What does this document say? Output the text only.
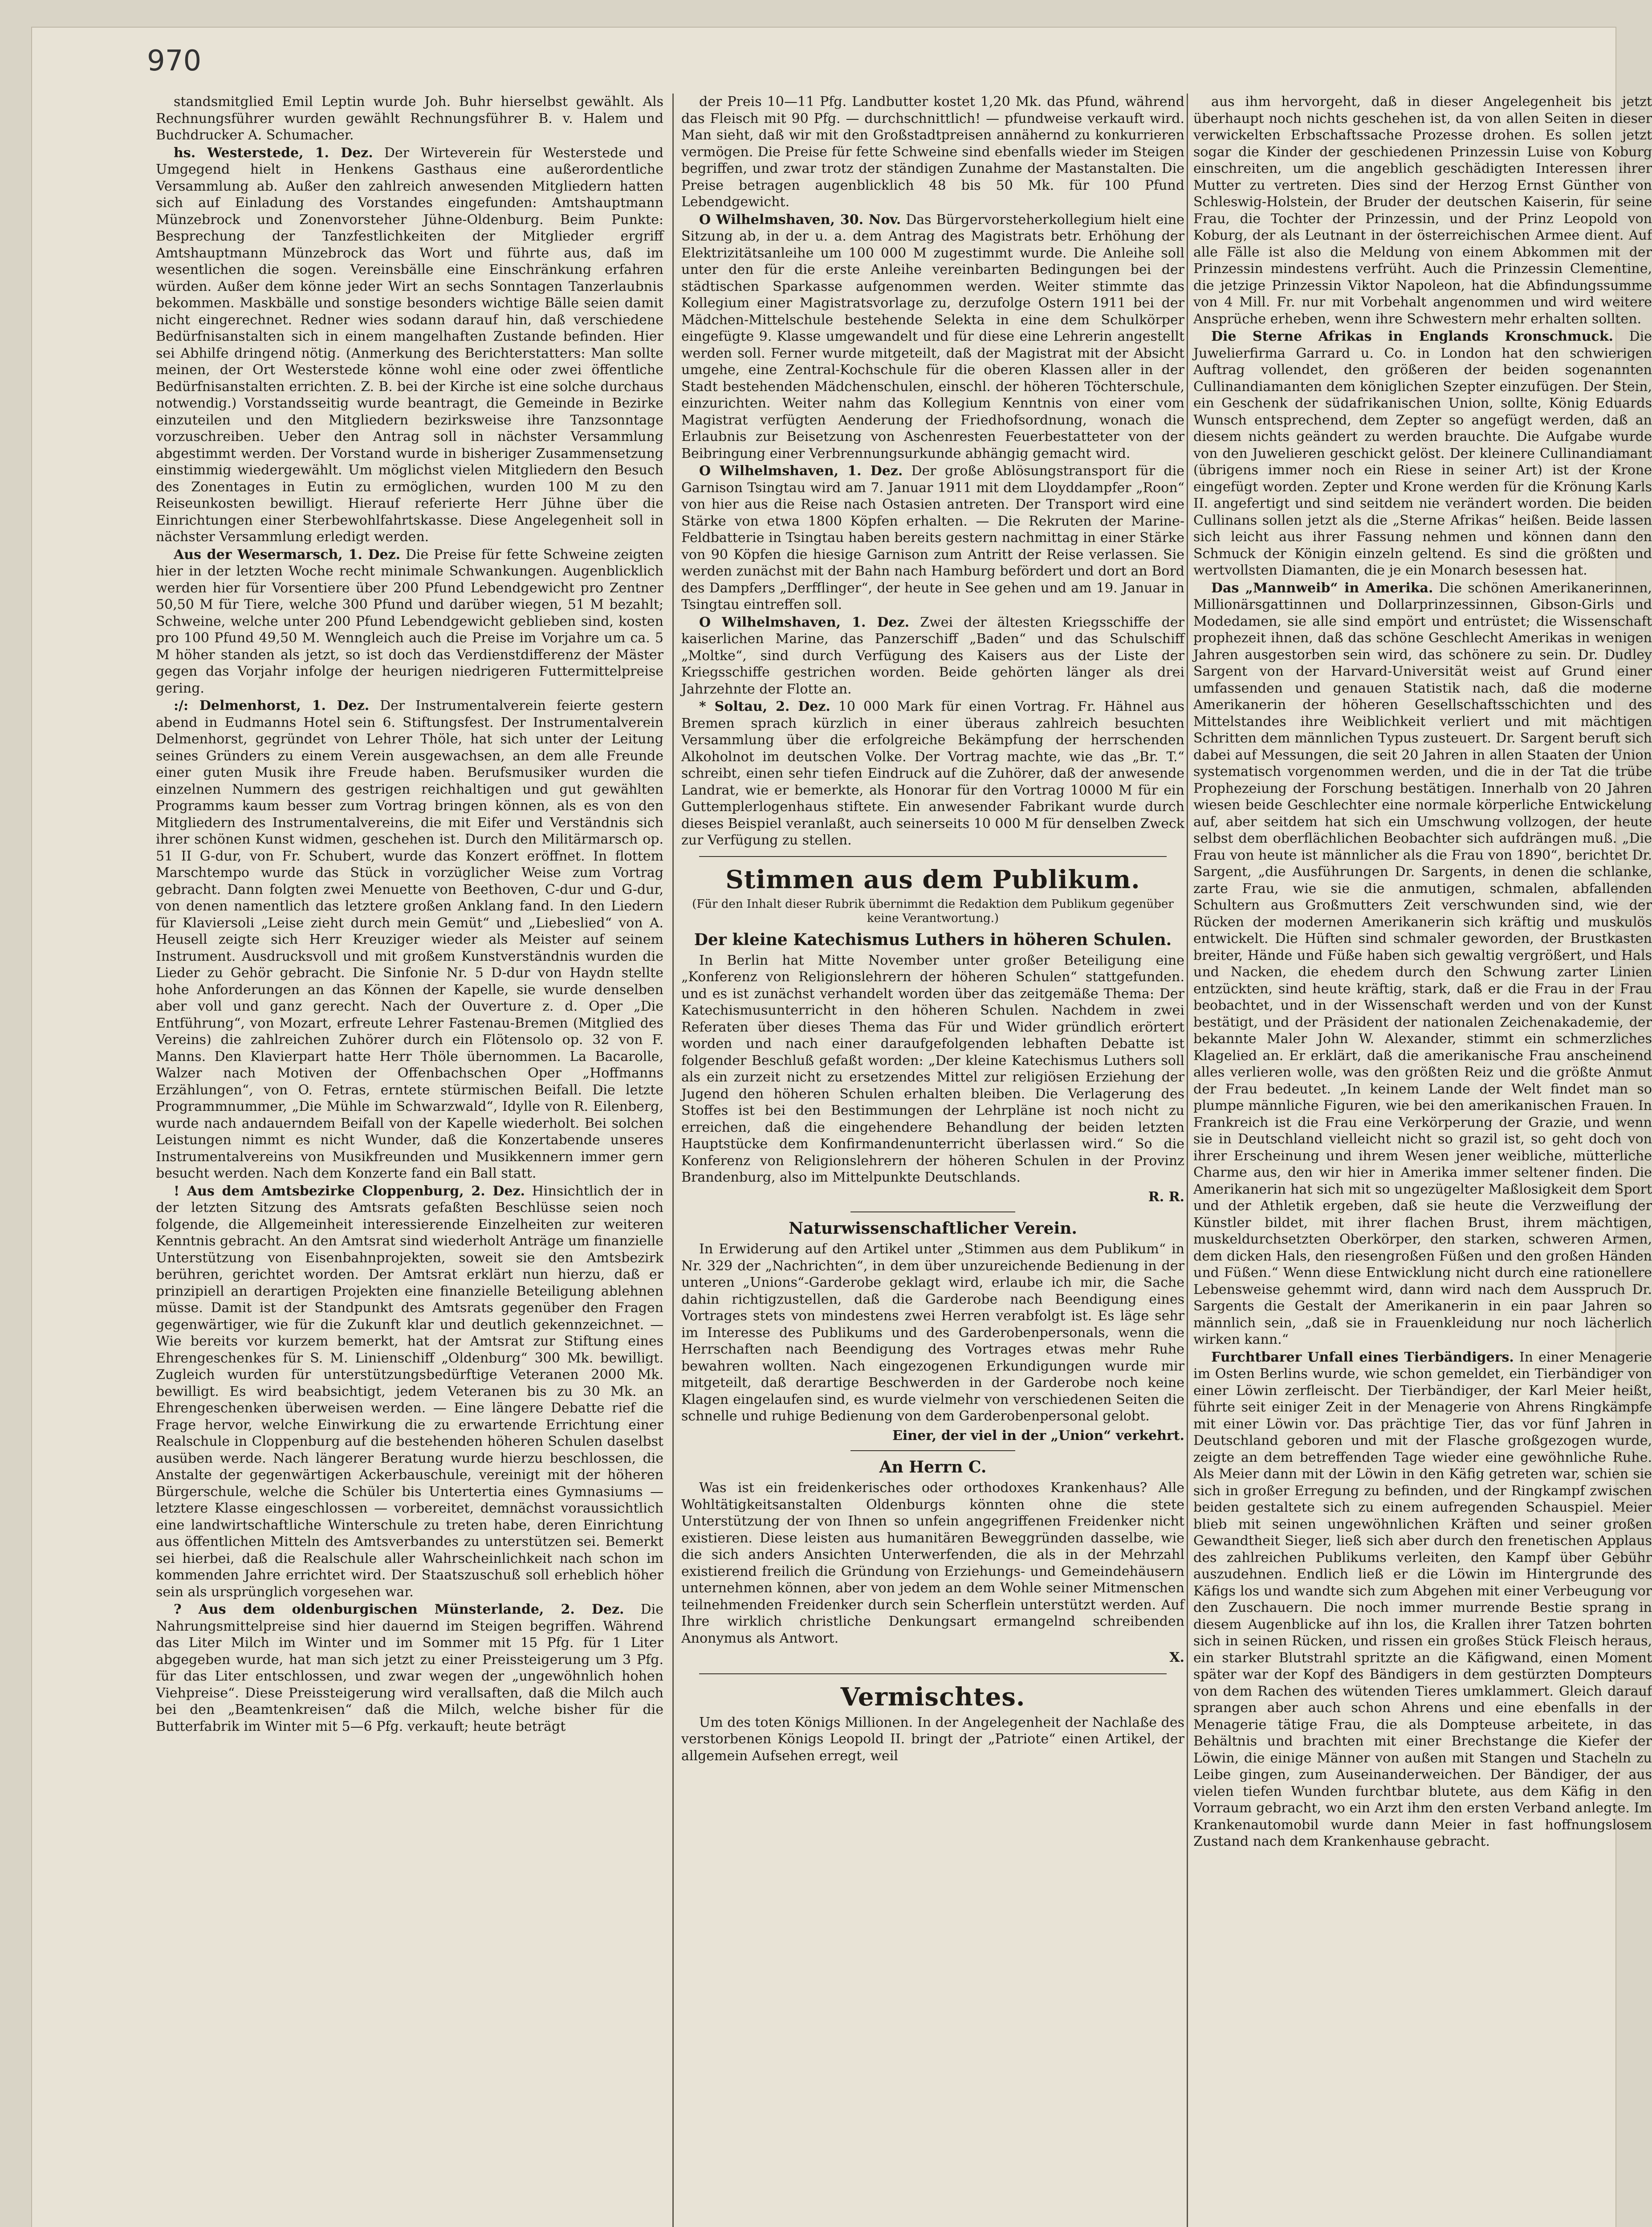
970

standsmitglied Emil Leptin wurde Joh. Buhr hierselbst gewählt. Als Rechnungsführer wurden gewählt Rechnungsführer B. v. Halem und Buchdrucker A. Schumacher.

hs. Westerstede, 1. Dez. Der Wirteverein für Westerstede und Umgegend hielt in Henkens Gasthaus eine außerordentliche Versammlung ab. Außer den zahlreich anwesenden Mitgliedern hatten sich auf Einladung des Vorstandes eingefunden: Amtshauptmann Münzebrock und Zonenvorsteher Jühne-Oldenburg. Beim Punkte: Besprechung der Tanzfestlichkeiten der Mitglieder ergriff Amtshauptmann Münzebrock das Wort und führte aus, daß im wesentlichen die sogen. Vereinsbälle eine Einschränkung erfahren würden. Außer dem könne jeder Wirt an sechs Sonntagen Tanzerlaubnis bekommen. Maskbälle und sonstige besonders wichtige Bälle seien damit nicht eingerechnet. Redner wies sodann darauf hin, daß verschiedene Bedürfnisanstalten sich in einem mangelhaften Zustande befinden. Hier sei Abhilfe dringend nötig. (Anmerkung des Berichterstatters: Man sollte meinen, der Ort Westerstede könne wohl eine oder zwei öffentliche Bedürfnisanstalten errichten. Z. B. bei der Kirche ist eine solche durchaus notwendig.) Vorstandsseitig wurde beantragt, die Gemeinde in Bezirke einzuteilen und den Mitgliedern bezirksweise ihre Tanzsonntage vorzuschreiben. Ueber den Antrag soll in nächster Versammlung abgestimmt werden. Der Vorstand wurde in bisheriger Zusammensetzung einstimmig wiedergewählt. Um möglichst vielen Mitgliedern den Besuch des Zonentages in Eutin zu ermöglichen, wurden 100 M zu den Reiseunkosten bewilligt. Hierauf referierte Herr Jühne über die Einrichtungen einer Sterbewohlfahrtskasse. Diese Angelegenheit soll in nächster Versammlung erledigt werden.

Aus der Wesermarsch, 1. Dez. Die Preise für fette Schweine zeigten hier in der letzten Woche recht minimale Schwankungen. Augenblicklich werden hier für Vorsentiere über 200 Pfund Lebendgewicht pro Zentner 50,50 M für Tiere, welche 300 Pfund und darüber wiegen, 51 M bezahlt; Schweine, welche unter 200 Pfund Lebendgewicht geblieben sind, kosten pro 100 Pfund 49,50 M. Wenngleich auch die Preise im Vorjahre um ca. 5 M höher standen als jetzt, so ist doch das Verdienstdifferenz der Mäster gegen das Vorjahr infolge der heurigen niedrigeren Futtermittelpreise gering.

:/: Delmenhorst, 1. Dez. Der Instrumentalverein feierte gestern abend in Eudmanns Hotel sein 6. Stiftungsfest. Der Instrumentalverein Delmenhorst, gegründet von Lehrer Thöle, hat sich unter der Leitung seines Gründers zu einem Verein ausgewachsen, an dem alle Freunde einer guten Musik ihre Freude haben. Berufsmusiker wurden die einzelnen Nummern des gestrigen reichhaltigen und gut gewählten Programms kaum besser zum Vortrag bringen können, als es von den Mitgliedern des Instrumentalvereins, die mit Eifer und Verständnis sich ihrer schönen Kunst widmen, geschehen ist. Durch den Militärmarsch op. 51 II G-dur, von Fr. Schubert, wurde das Konzert eröffnet. In flottem Marschtempo wurde das Stück in vorzüglicher Weise zum Vortrag gebracht. Dann folgten zwei Menuette von Beethoven, C-dur und G-dur, von denen namentlich das letztere großen Anklang fand. In den Liedern für Klaviersoli „Leise zieht durch mein Gemüt“ und „Liebeslied“ von A. Heusell zeigte sich Herr Kreuziger wieder als Meister auf seinem Instrument. Ausdrucksvoll und mit großem Kunstverständnis wurden die Lieder zu Gehör gebracht. Die Sinfonie Nr. 5 D-dur von Haydn stellte hohe Anforderungen an das Können der Kapelle, sie wurde denselben aber voll und ganz gerecht. Nach der Ouverture z. d. Oper „Die Entführung“, von Mozart, erfreute Lehrer Fastenau-Bremen (Mitglied des Vereins) die zahlreichen Zuhörer durch ein Flötensolo op. 32 von F. Manns. Den Klavierpart hatte Herr Thöle übernommen. La Bacarolle, Walzer nach Motiven der Offenbachschen Oper „Hoffmanns Erzählungen“, von O. Fetras, erntete stürmischen Beifall. Die letzte Programmnummer, „Die Mühle im Schwarzwald“, Idylle von R. Eilenberg, wurde nach andauerndem Beifall von der Kapelle wiederholt. Bei solchen Leistungen nimmt es nicht Wunder, daß die Konzertabende unseres Instrumentalvereins von Musikfreunden und Musikkennern immer gern besucht werden. Nach dem Konzerte fand ein Ball statt.

! Aus dem Amtsbezirke Cloppenburg, 2. Dez. Hinsichtlich der in der letzten Sitzung des Amtsrats gefaßten Beschlüsse seien noch folgende, die Allgemeinheit interessierende Einzelheiten zur weiteren Kenntnis gebracht. An den Amtsrat sind wiederholt Anträge um finanzielle Unterstützung von Eisenbahnprojekten, soweit sie den Amtsbezirk berühren, gerichtet worden. Der Amtsrat erklärt nun hierzu, daß er prinzipiell an derartigen Projekten eine finanzielle Beteiligung ablehnen müsse. Damit ist der Standpunkt des Amtsrats gegenüber den Fragen gegenwärtiger, wie für die Zukunft klar und deutlich gekennzeichnet. — Wie bereits vor kurzem bemerkt, hat der Amtsrat zur Stiftung eines Ehrengeschenkes für S. M. Linienschiff „Oldenburg“ 300 Mk. bewilligt. Zugleich wurden für unterstützungsbedürftige Veteranen 2000 Mk. bewilligt. Es wird beabsichtigt, jedem Veteranen bis zu 30 Mk. an Ehrengeschenken überweisen werden. — Eine längere Debatte rief die Frage hervor, welche Einwirkung die zu erwartende Errichtung einer Realschule in Cloppenburg auf die bestehenden höheren Schulen daselbst ausüben werde. Nach längerer Beratung wurde hierzu beschlossen, die Anstalte der gegenwärtigen Ackerbauschule, vereinigt mit der höheren Bürgerschule, welche die Schüler bis Untertertia eines Gymnasiums — letztere Klasse eingeschlossen — vorbereitet, demnächst voraussichtlich eine landwirtschaftliche Winterschule zu treten habe, deren Einrichtung aus öffentlichen Mitteln des Amtsverbandes zu unterstützen sei. Bemerkt sei hierbei, daß die Realschule aller Wahrscheinlichkeit nach schon im kommenden Jahre errichtet wird. Der Staatszuschuß soll erheblich höher sein als ursprünglich vorgesehen war.

? Aus dem oldenburgischen Münsterlande, 2. Dez. Die Nahrungsmittelpreise sind hier dauernd im Steigen begriffen. Während das Liter Milch im Winter und im Sommer mit 15 Pfg. für 1 Liter abgegeben wurde, hat man sich jetzt zu einer Preissteigerung um 3 Pfg. für das Liter entschlossen, und zwar wegen der „ungewöhnlich hohen Viehpreise“. Diese Preissteigerung wird verallsaften, daß die Milch auch bei den „Beamtenkreisen“ daß die Milch, welche bisher für die Butterfabrik im Winter mit 5—6 Pfg. verkauft; heute beträgt

der Preis 10—11 Pfg. Landbutter kostet 1,20 Mk. das Pfund, während das Fleisch mit 90 Pfg. — durchschnittlich! — pfundweise verkauft wird. Man sieht, daß wir mit den Großstadtpreisen annähernd zu konkurrieren vermögen. Die Preise für fette Schweine sind ebenfalls wieder im Steigen begriffen, und zwar trotz der ständigen Zunahme der Mastanstalten. Die Preise betragen augenblicklich 48 bis 50 Mk. für 100 Pfund Lebendgewicht.

O Wilhelmshaven, 30. Nov. Das Bürgervorsteherkollegium hielt eine Sitzung ab, in der u. a. dem Antrag des Magistrats betr. Erhöhung der Elektrizitätsanleihe um 100 000 M zugestimmt wurde. Die Anleihe soll unter den für die erste Anleihe vereinbarten Bedingungen bei der städtischen Sparkasse aufgenommen werden. Weiter stimmte das Kollegium einer Magistratsvorlage zu, derzufolge Ostern 1911 bei der Mädchen-Mittelschule bestehende Selekta in eine dem Schulkörper eingefügte 9. Klasse umgewandelt und für diese eine Lehrerin angestellt werden soll. Ferner wurde mitgeteilt, daß der Magistrat mit der Absicht umgehe, eine Zentral-Kochschule für die oberen Klassen aller in der Stadt bestehenden Mädchenschulen, einschl. der höheren Töchterschule, einzurichten. Weiter nahm das Kollegium Kenntnis von einer vom Magistrat verfügten Aenderung der Friedhofsordnung, wonach die Erlaubnis zur Beisetzung von Aschenresten Feuerbestatteter von der Beibringung einer Verbrennungsurkunde abhängig gemacht wird.

O Wilhelmshaven, 1. Dez. Der große Ablösungstransport für die Garnison Tsingtau wird am 7. Januar 1911 mit dem Lloyddampfer „Roon“ von hier aus die Reise nach Ostasien antreten. Der Transport wird eine Stärke von etwa 1800 Köpfen erhalten. — Die Rekruten der Marine-Feldbatterie in Tsingtau haben bereits gestern nachmittag in einer Stärke von 90 Köpfen die hiesige Garnison zum Antritt der Reise verlassen. Sie werden zunächst mit der Bahn nach Hamburg befördert und dort an Bord des Dampfers „Derfflinger“, der heute in See gehen und am 19. Januar in Tsingtau eintreffen soll.

O Wilhelmshaven, 1. Dez. Zwei der ältesten Kriegsschiffe der kaiserlichen Marine, das Panzerschiff „Baden“ und das Schulschiff „Moltke“, sind durch Verfügung des Kaisers aus der Liste der Kriegsschiffe gestrichen worden. Beide gehörten länger als drei Jahrzehnte der Flotte an.

* Soltau, 2. Dez. 10 000 Mark für einen Vortrag. Fr. Hähnel aus Bremen sprach kürzlich in einer überaus zahlreich besuchten Versammlung über die erfolgreiche Bekämpfung der herrschenden Alkoholnot im deutschen Volke. Der Vortrag machte, wie das „Br. T.“ schreibt, einen sehr tiefen Eindruck auf die Zuhörer, daß der anwesende Landrat, wie er bemerkte, als Honorar für den Vortrag 10000 M für ein Guttemplerlogenhaus stiftete. Ein anwesender Fabrikant wurde durch dieses Beispiel veranlaßt, auch seinerseits 10 000 M für denselben Zweck zur Verfügung zu stellen.

Stimmen aus dem Publikum.
(Für den Inhalt dieser Rubrik übernimmt die Redaktion dem Publikum gegenüber keine Verantwortung.)
Der kleine Katechismus Luthers in höheren Schulen.

In Berlin hat Mitte November unter großer Beteiligung eine „Konferenz von Religionslehrern der höheren Schulen“ stattgefunden. und es ist zunächst verhandelt worden über das zeitgemäße Thema: Der Katechismusunterricht in den höheren Schulen. Nachdem in zwei Referaten über dieses Thema das Für und Wider gründlich erörtert worden und nach einer daraufgefolgenden lebhaften Debatte ist folgender Beschluß gefaßt worden: „Der kleine Katechismus Luthers soll als ein zurzeit nicht zu ersetzendes Mittel zur religiösen Erziehung der Jugend den höheren Schulen erhalten bleiben. Die Verlagerung des Stoffes ist bei den Bestimmungen der Lehrpläne ist noch nicht zu erreichen, daß die eingehendere Behandlung der beiden letzten Hauptstücke dem Konfirmandenunterricht überlassen wird.“ So die Konferenz von Religionslehrern der höheren Schulen in der Provinz Brandenburg, also im Mittelpunkte Deutschlands.

R. R.
Naturwissenschaftlicher Verein.

In Erwiderung auf den Artikel unter „Stimmen aus dem Publikum“ in Nr. 329 der „Nachrichten“, in dem über unzureichende Bedienung in der unteren „Unions“-Garderobe geklagt wird, erlaube ich mir, die Sache dahin richtigzustellen, daß die Garderobe nach Beendigung eines Vortrages stets von mindestens zwei Herren verabfolgt ist. Es läge sehr im Interesse des Publikums und des Garderobenpersonals, wenn die Herrschaften nach Beendigung des Vortrages etwas mehr Ruhe bewahren wollten. Nach eingezogenen Erkundigungen wurde mir mitgeteilt, daß derartige Beschwerden in der Garderobe noch keine Klagen eingelaufen sind, es wurde vielmehr von verschiedenen Seiten die schnelle und ruhige Bedienung von dem Garderobenpersonal gelobt.

Einer, der viel in der „Union“ verkehrt.
An Herrn C.

Was ist ein freidenkerisches oder orthodoxes Krankenhaus? Alle Wohltätigkeitsanstalten Oldenburgs könnten ohne die stete Unterstützung der von Ihnen so unfein angegriffenen Freidenker nicht existieren. Diese leisten aus humanitären Beweggründen dasselbe, wie die sich anders Ansichten Unterwerfenden, die als in der Mehrzahl existierend freilich die Gründung von Erziehungs- und Gemeindehäusern unternehmen können, aber von jedem an dem Wohle seiner Mitmenschen teilnehmenden Freidenker durch sein Scherflein unterstützt werden. Auf Ihre wirklich christliche Denkungsart ermangelnd schreibenden Anonymus als Antwort.

X.
Vermischtes.

Um des toten Königs Millionen. In der Angelegenheit der Nachlaße des verstorbenen Königs Leopold II. bringt der „Patriote“ einen Artikel, der allgemein Aufsehen erregt, weil

aus ihm hervorgeht, daß in dieser Angelegenheit bis jetzt überhaupt noch nichts geschehen ist, da von allen Seiten in dieser verwickelten Erbschaftssache Prozesse drohen. Es sollen jetzt sogar die Kinder der geschiedenen Prinzessin Luise von Koburg einschreiten, um die angeblich geschädigten Interessen ihrer Mutter zu vertreten. Dies sind der Herzog Ernst Günther von Schleswig-Holstein, der Bruder der deutschen Kaiserin, für seine Frau, die Tochter der Prinzessin, und der Prinz Leopold von Koburg, der als Leutnant in der österreichischen Armee dient. Auf alle Fälle ist also die Meldung von einem Abkommen mit der Prinzessin mindestens verfrüht. Auch die Prinzessin Clementine, die jetzige Prinzessin Viktor Napoleon, hat die Abfindungssumme von 4 Mill. Fr. nur mit Vorbehalt angenommen und wird weitere Ansprüche erheben, wenn ihre Schwestern mehr erhalten sollten.

Die Sterne Afrikas in Englands Kronschmuck. Die Juwelierfirma Garrard u. Co. in London hat den schwierigen Auftrag vollendet, den größeren der beiden sogenannten Cullinandiamanten dem königlichen Szepter einzufügen. Der Stein, ein Geschenk der südafrikanischen Union, sollte, König Eduards Wunsch entsprechend, dem Zepter so angefügt werden, daß an diesem nichts geändert zu werden brauchte. Die Aufgabe wurde von den Juwelieren geschickt gelöst. Der kleinere Cullinandiamant (übrigens immer noch ein Riese in seiner Art) ist der Krone eingefügt worden. Zepter und Krone werden für die Krönung Karls II. angefertigt und sind seitdem nie verändert worden. Die beiden Cullinans sollen jetzt als die „Sterne Afrikas“ heißen. Beide lassen sich leicht aus ihrer Fassung nehmen und können dann den Schmuck der Königin einzeln geltend. Es sind die größten und wertvollsten Diamanten, die je ein Monarch besessen hat.

Das „Mannweib“ in Amerika. Die schönen Amerikanerinnen, Millionärsgattinnen und Dollarprinzessinnen, Gibson-Girls und Modedamen, sie alle sind empört und entrüstet; die Wissenschaft prophezeit ihnen, daß das schöne Geschlecht Amerikas in wenigen Jahren ausgestorben sein wird, das schönere zu sein. Dr. Dudley Sargent von der Harvard-Universität weist auf Grund einer umfassenden und genauen Statistik nach, daß die moderne Amerikanerin der höheren Gesellschaftsschichten und des Mittelstandes ihre Weiblichkeit verliert und mit mächtigen Schritten dem männlichen Typus zusteuert. Dr. Sargent beruft sich dabei auf Messungen, die seit 20 Jahren in allen Staaten der Union systematisch vorgenommen werden, und die in der Tat die trübe Prophezeiung der Forschung bestätigen. Innerhalb von 20 Jahren wiesen beide Geschlechter eine normale körperliche Entwickelung auf, aber seitdem hat sich ein Umschwung vollzogen, der heute selbst dem oberflächlichen Beobachter sich aufdrängen muß. „Die Frau von heute ist männlicher als die Frau von 1890“, berichtet Dr. Sargent, „die Ausführungen Dr. Sargents, in denen die schlanke, zarte Frau, wie sie die anmutigen, schmalen, abfallenden Schultern aus Großmutters Zeit verschwunden sind, wie der Rücken der modernen Amerikanerin sich kräftig und muskulös entwickelt. Die Hüften sind schmaler geworden, der Brustkasten breiter, Hände und Füße haben sich gewaltig vergrößert, und Hals und Nacken, die ehedem durch den Schwung zarter Linien entzückten, sind heute kräftig, stark, daß er die Frau in der Frau beobachtet, und in der Wissenschaft werden und von der Kunst bestätigt, und der Präsident der nationalen Zeichenakademie, der bekannte Maler John W. Alexander, stimmt ein schmerzliches Klagelied an. Er erklärt, daß die amerikanische Frau anscheinend alles verlieren wolle, was den größten Reiz und die größte Anmut der Frau bedeutet. „In keinem Lande der Welt findet man so plumpe männliche Figuren, wie bei den amerikanischen Frauen. In Frankreich ist die Frau eine Verkörperung der Grazie, und wenn sie in Deutschland vielleicht nicht so grazil ist, so geht doch von ihrer Erscheinung und ihrem Wesen jener weibliche, mütterliche Charme aus, den wir hier in Amerika immer seltener finden. Die Amerikanerin hat sich mit so ungezügelter Maßlosigkeit dem Sport und der Athletik ergeben, daß sie heute die Verzweiflung der Künstler bildet, mit ihrer flachen Brust, ihrem mächtigen, muskeldurchsetzten Oberkörper, den starken, schweren Armen, dem dicken Hals, den riesengroßen Füßen und den großen Händen und Füßen.“ Wenn diese Entwicklung nicht durch eine rationellere Lebensweise gehemmt wird, dann wird nach dem Ausspruch Dr. Sargents die Gestalt der Amerikanerin in ein paar Jahren so männlich sein, „daß sie in Frauenkleidung nur noch lächerlich wirken kann.“

Furchtbarer Unfall eines Tierbändigers. In einer Menagerie im Osten Berlins wurde, wie schon gemeldet, ein Tierbändiger von einer Löwin zerfleischt. Der Tierbändiger, der Karl Meier heißt, führte seit einiger Zeit in der Menagerie von Ahrens Ringkämpfe mit einer Löwin vor. Das prächtige Tier, das vor fünf Jahren in Deutschland geboren und mit der Flasche großgezogen wurde, zeigte an dem betreffenden Tage wieder eine gewöhnliche Ruhe. Als Meier dann mit der Löwin in den Käfig getreten war, schien sie sich in großer Erregung zu befinden, und der Ringkampf zwischen beiden gestaltete sich zu einem aufregenden Schauspiel. Meier blieb mit seinen ungewöhnlichen Kräften und seiner großen Gewandtheit Sieger, ließ sich aber durch den frenetischen Applaus des zahlreichen Publikums verleiten, den Kampf über Gebühr auszudehnen. Endlich ließ er die Löwin im Hintergrunde des Käfigs los und wandte sich zum Abgehen mit einer Verbeugung vor den Zuschauern. Die noch immer murrende Bestie sprang in diesem Augenblicke auf ihn los, die Krallen ihrer Tatzen bohrten sich in seinen Rücken, und rissen ein großes Stück Fleisch heraus, ein starker Blutstrahl spritzte an die Käfigwand, einen Moment später war der Kopf des Bändigers in dem gestürzten Dompteurs von dem Rachen des wütenden Tieres umklammert. Gleich darauf sprangen aber auch schon Ahrens und eine ebenfalls in der Menagerie tätige Frau, die als Dompteuse arbeitete, in das Behältnis und brachten mit einer Brechstange die Kiefer der Löwin, die einige Männer von außen mit Stangen und Stacheln zu Leibe gingen, zum Auseinanderweichen. Der Bändiger, der aus vielen tiefen Wunden furchtbar blutete, aus dem Käfig in den Vorraum gebracht, wo ein Arzt ihm den ersten Verband anlegte. Im Krankenautomobil wurde dann Meier in fast hoffnungslosem Zustand nach dem Krankenhause gebracht.
